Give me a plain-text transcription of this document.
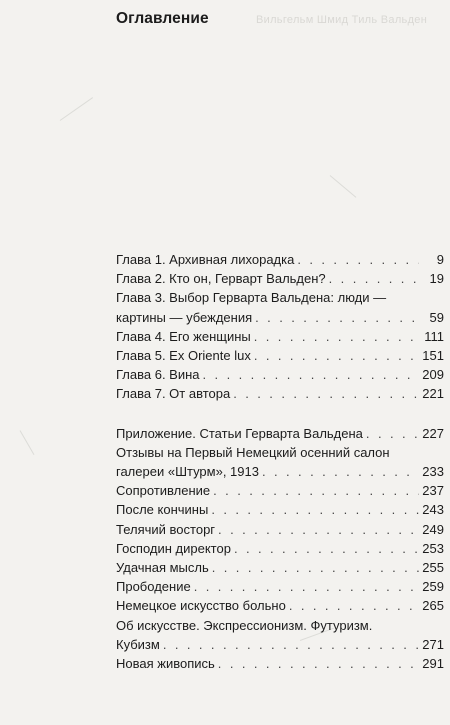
Оглавление	Вильгельм Шмид Тиль Вальден
Глава 1. Архивная лихорадка . . .	9
Глава 2. Кто он, Герварт Вальден? . . .	19
Глава 3. Выбор Герварта Вальдена: люди —
картины — убеждения . . .	59
Глава 4. Его женщины . . .	111
Глава 5. Ex Oriente lux . . .	151
Глава 6. Вина . . .	209
Глава 7. От автора . . .	221
Приложение. Статьи Герварта Вальдена . . .	227
Отзывы на Первый Немецкий осенний салон
галереи «Штурм», 1913 . . .	233
Сопротивление . . .	237
После кончины . . .	243
Телячий восторг . . .	249
Господин директор . . .	253
Удачная мысль . . .	255
Прободение . . .	259
Немецкое искусство больно . . .	265
Об искусстве. Экспрессионизм. Футуризм.
Кубизм . . .	271
Новая живопись . . .	291
